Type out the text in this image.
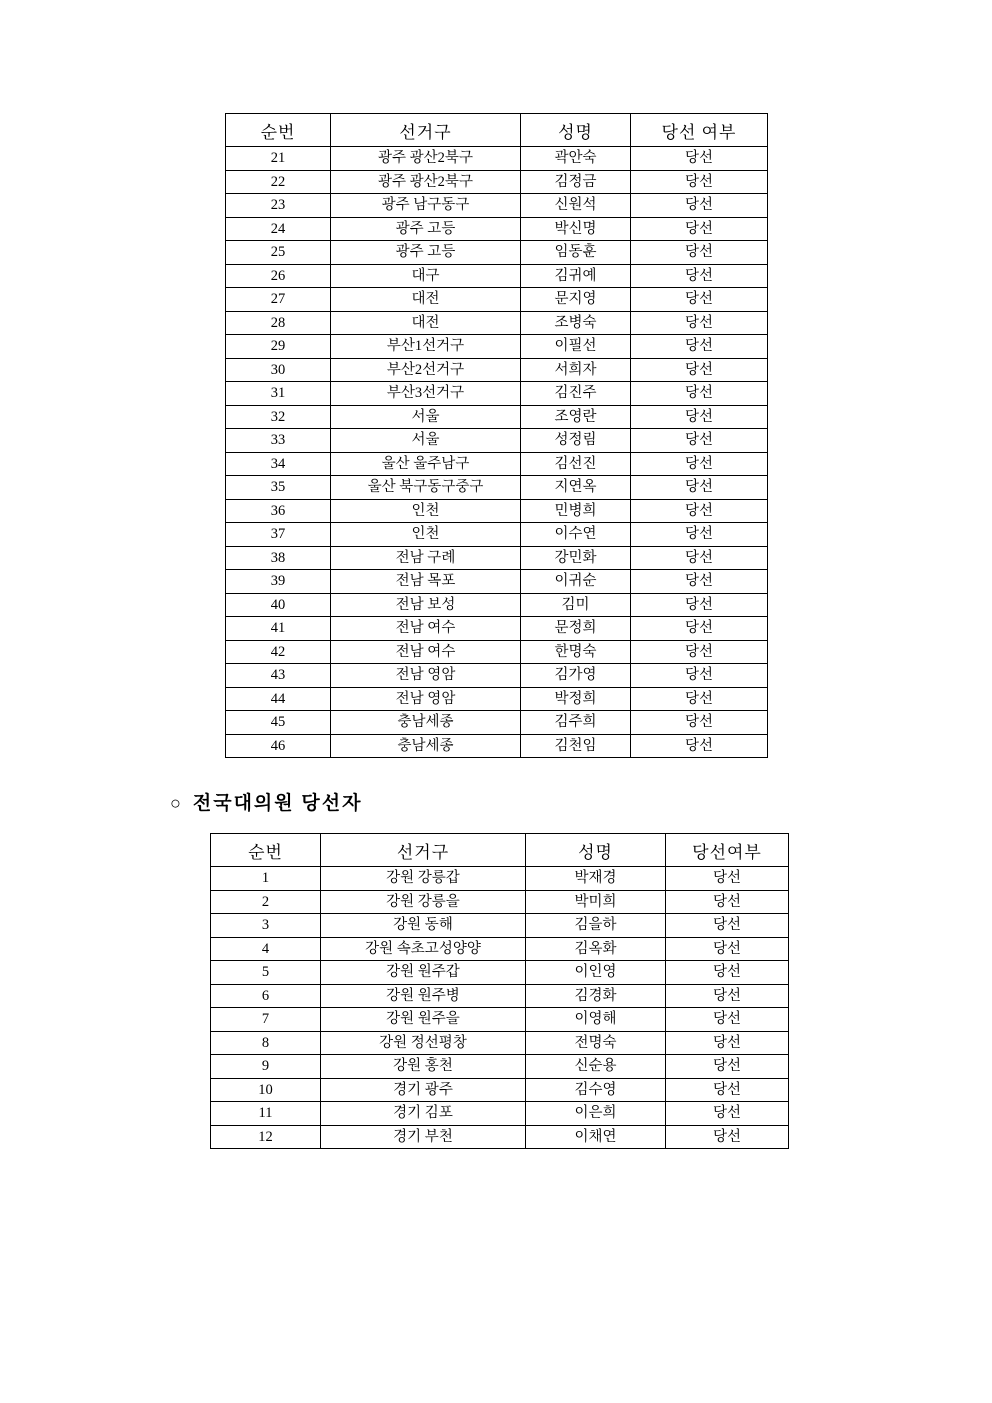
순번	선거구	성명	당선 여부
21	광주 광산2북구	곽안숙	당선
22	광주 광산2북구	김정금	당선
23	광주 남구동구	신원석	당선
24	광주 고등	박신명	당선
25	광주 고등	임동훈	당선
26	대구	김귀예	당선
27	대전	문지영	당선
28	대전	조병숙	당선
29	부산1선거구	이필선	당선
30	부산2선거구	서희자	당선
31	부산3선거구	김진주	당선
32	서울	조영란	당선
33	서울	성정림	당선
34	울산 울주남구	김선진	당선
35	울산 북구동구중구	지연옥	당선
36	인천	민병희	당선
37	인천	이수연	당선
38	전남 구례	강민화	당선
39	전남 목포	이귀순	당선
40	전남 보성	김미	당선
41	전남 여수	문정희	당선
42	전남 여수	한명숙	당선
43	전남 영암	김가영	당선
44	전남 영암	박정희	당선
45	충남세종	김주희	당선
46	충남세종	김천임	당선
○ 전국대의원 당선자
순번	선거구	성명	당선여부
1	강원 강릉갑	박재경	당선
2	강원 강릉을	박미희	당선
3	강원 동해	김을하	당선
4	강원 속초고성양양	김옥화	당선
5	강원 원주갑	이인영	당선
6	강원 원주병	김경화	당선
7	강원 원주을	이영해	당선
8	강원 정선평창	전명숙	당선
9	강원 홍천	신순용	당선
10	경기 광주	김수영	당선
11	경기 김포	이은희	당선
12	경기 부천	이채연	당선
